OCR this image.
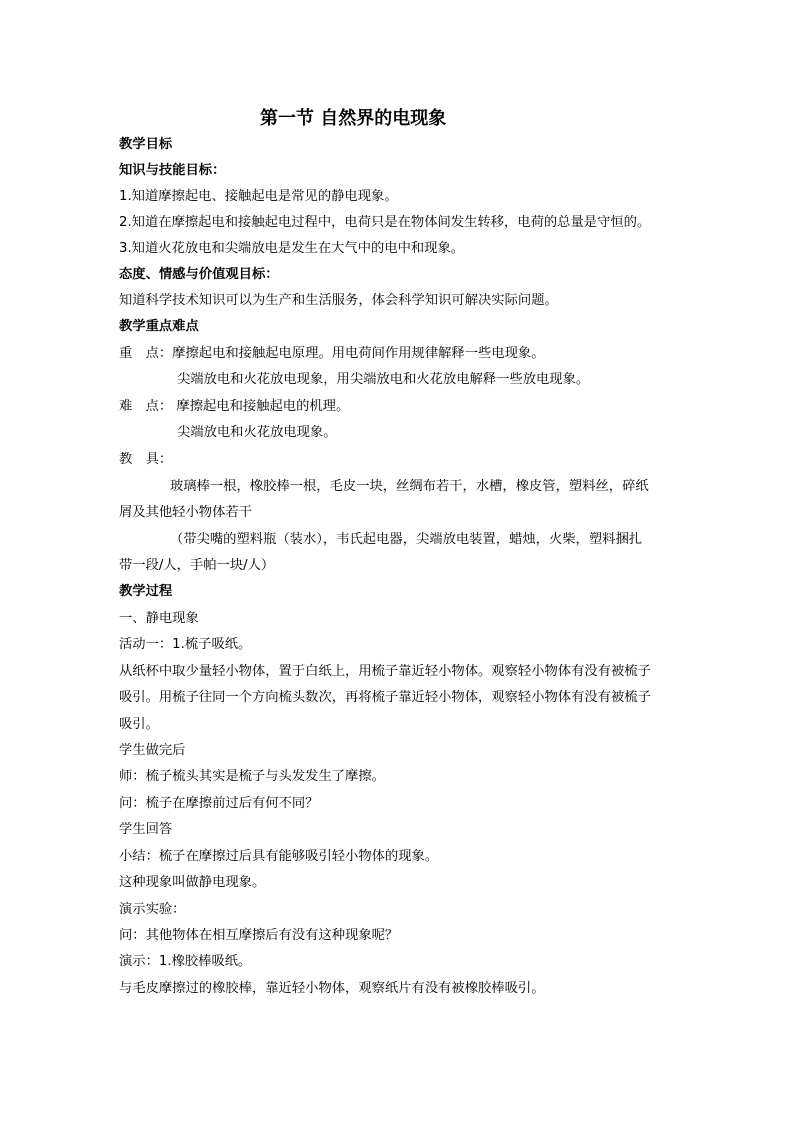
第一节 自然界的电现象
教学目标
知识与技能目标：
1.知道摩擦起电、接触起电是常见的静电现象。
2.知道在摩擦起电和接触起电过程中，电荷只是在物体间发生转移，电荷的总量是守恒的。
3.知道火花放电和尖端放电是发生在大气中的电中和现象。
态度、情感与价值观目标：
知道科学技术知识可以为生产和生活服务，体会科学知识可解决实际问题。
教学重点难点
重　点：摩擦起电和接触起电原理。用电荷间作用规律解释一些电现象。
尖端放电和火花放电现象，用尖端放电和火花放电解释一些放电现象。
难　点： 摩擦起电和接触起电的机理。
尖端放电和火花放电现象。
教　具：
玻璃棒一根，橡胶棒一根，毛皮一块，丝绸布若干，水槽，橡皮管，塑料丝，碎纸
屑及其他轻小物体若干
（带尖嘴的塑料瓶（装水），韦氏起电器，尖端放电装置，蜡烛，火柴，塑料捆扎
带一段/人，手帕一块/人）
教学过程
一、静电现象
活动一：1.梳子吸纸。
从纸杯中取少量轻小物体，置于白纸上，用梳子靠近轻小物体。观察轻小物体有没有被梳子
吸引。用梳子往同一个方向梳头数次，再将梳子靠近轻小物体，观察轻小物体有没有被梳子
吸引。
学生做完后
师：梳子梳头其实是梳子与头发发生了摩擦。
问：梳子在摩擦前过后有何不同？
学生回答
小结：梳子在摩擦过后具有能够吸引轻小物体的现象。
这种现象叫做静电现象。
演示实验：
问：其他物体在相互摩擦后有没有这种现象呢？
演示：1.橡胶棒吸纸。
与毛皮摩擦过的橡胶棒，靠近轻小物体，观察纸片有没有被橡胶棒吸引。
